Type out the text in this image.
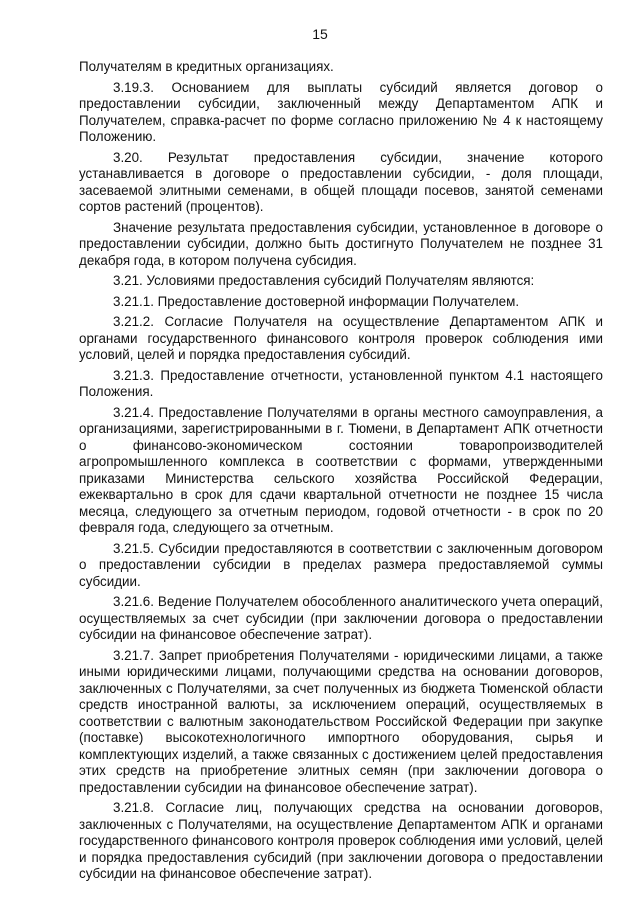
15

Получателям в кредитных организациях.

3.19.3. Основанием для выплаты субсидий является договор о предоставлении субсидии, заключенный между Департаментом АПК и Получателем, справка-расчет по форме согласно приложению № 4 к настоящему Положению.

3.20. Результат предоставления субсидии, значение которого устанавливается в договоре о предоставлении субсидии, - доля площади, засеваемой элитными семенами, в общей площади посевов, занятой семенами сортов растений (процентов).

Значение результата предоставления субсидии, установленное в договоре о предоставлении субсидии, должно быть достигнуто Получателем не позднее 31 декабря года, в котором получена субсидия.

3.21. Условиями предоставления субсидий Получателям являются:

3.21.1. Предоставление достоверной информации Получателем.

3.21.2. Согласие Получателя на осуществление Департаментом АПК и органами государственного финансового контроля проверок соблюдения ими условий, целей и порядка предоставления субсидий.

3.21.3. Предоставление отчетности, установленной пунктом 4.1 настоящего Положения.

3.21.4. Предоставление Получателями в органы местного самоуправления, а организациями, зарегистрированными в г. Тюмени, в Департамент АПК отчетности о финансово-экономическом состоянии товаропроизводителей агропромышленного комплекса в соответствии с формами, утвержденными приказами Министерства сельского хозяйства Российской Федерации, ежеквартально в срок для сдачи квартальной отчетности не позднее 15 числа месяца, следующего за отчетным периодом, годовой отчетности - в срок по 20 февраля года, следующего за отчетным.

3.21.5. Субсидии предоставляются в соответствии с заключенным договором о предоставлении субсидии в пределах размера предоставляемой суммы субсидии.

3.21.6. Ведение Получателем обособленного аналитического учета операций, осуществляемых за счет субсидии (при заключении договора о предоставлении субсидии на финансовое обеспечение затрат).

3.21.7. Запрет приобретения Получателями - юридическими лицами, а также иными юридическими лицами, получающими средства на основании договоров, заключенных с Получателями, за счет полученных из бюджета Тюменской области средств иностранной валюты, за исключением операций, осуществляемых в соответствии с валютным законодательством Российской Федерации при закупке (поставке) высокотехнологичного импортного оборудования, сырья и комплектующих изделий, а также связанных с достижением целей предоставления этих средств на приобретение элитных семян (при заключении договора о предоставлении субсидии на финансовое обеспечение затрат).

3.21.8. Согласие лиц, получающих средства на основании договоров, заключенных с Получателями, на осуществление Департаментом АПК и органами государственного финансового контроля проверок соблюдения ими условий, целей и порядка предоставления субсидий (при заключении договора о предоставлении субсидии на финансовое обеспечение затрат).
